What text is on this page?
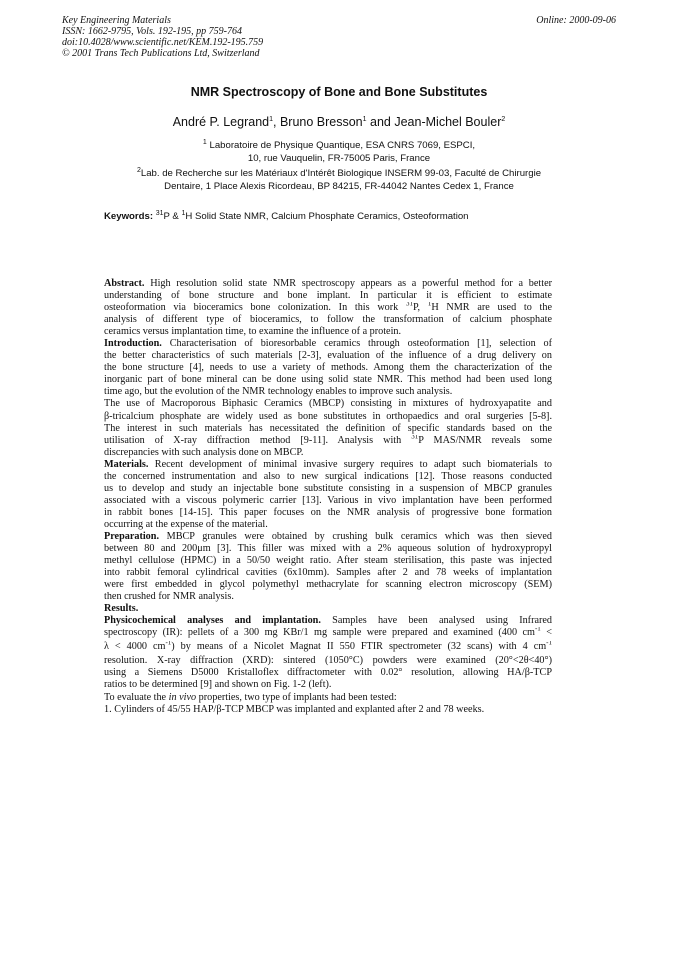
Key Engineering Materials
ISSN: 1662-9795, Vols. 192-195, pp 759-764
doi:10.4028/www.scientific.net/KEM.192-195.759
© 2001 Trans Tech Publications Ltd, Switzerland
Online: 2000-09-06
NMR Spectroscopy of Bone and Bone Substitutes
André P. Legrand$^1$, Bruno Bresson$^1$ and Jean-Michel Bouler$^2$
$^1$ Laboratoire de Physique Quantique, ESA CNRS 7069, ESPCI,
10, rue Vauquelin, FR-75005 Paris, France
$^2$Lab. de Recherche sur les Matériaux d'Intérêt Biologique INSERM 99-03, Faculté de Chirurgie
Dentaire, 1 Place Alexis Ricordeau, BP 84215, FR-44042 Nantes Cedex 1, France
Keywords: $^{31}$P & $^1$H Solid State NMR, Calcium Phosphate Ceramics, Osteoformation
Abstract. High resolution solid state NMR spectroscopy appears as a powerful method for a better
understanding of bone structure and bone implant. In particular it is efficient to estimate
osteoformation via bioceramics bone colonization. In this work $^{31}$P, $^1$H NMR are used to the
analysis of different type of bioceramics, to follow the transformation of calcium phosphate
ceramics versus implantation time, to examine the influence of a protein.
Introduction. Characterisation of bioresorbable ceramics through osteoformation [1], selection of
the better characteristics of such materials [2-3], evaluation of the influence of a drug delivery on
the bone structure [4], needs to use a variety of methods. Among them the characterization of the
inorganic part of bone mineral can be done using solid state NMR. This method had been used long
time ago, but the evolution of the NMR technology enables to improve such analysis.
The use of Macroporous Biphasic Ceramics (MBCP) consisting in mixtures of hydroxyapatite and
β-tricalcium phosphate are widely used as bone substitutes in orthopaedics and oral surgeries [5-8].
The interest in such materials has necessitated the definition of specific standards based on the
utilisation of X-ray diffraction method [9-11]. Analysis with $^{31}$P MAS/NMR reveals some
discrepancies with such analysis done on MBCP.
Materials. Recent development of minimal invasive surgery requires to adapt such biomaterials to
the concerned instrumentation and also to new surgical indications [12]. Those reasons conducted
us to develop and study an injectable bone substitute consisting in a suspension of MBCP granules
associated with a viscous polymeric carrier [13]. Various in vivo implantation have been performed
in rabbit bones [14-15]. This paper focuses on the NMR analysis of progressive bone formation
occurring at the expense of the material.
Preparation. MBCP granules were obtained by crushing bulk ceramics which was then sieved
between 80 and 200μm [3]. This filler was mixed with a 2% aqueous solution of hydroxypropyl
methyl cellulose (HPMC) in a 50/50 weight ratio. After steam sterilisation, this paste was injected
into rabbit femoral cylindrical cavities (6x10mm). Samples after 2 and 78 weeks of implantation
were first embedded in glycol polymethyl methacrylate for scanning electron microscopy (SEM)
then crushed for NMR analysis.
Results.
Physicochemical analyses and implantation. Samples have been analysed using Infrared
spectroscopy (IR): pellets of a 300 mg KBr/1 mg sample were prepared and examined (400 $cm^{-1}$ <
λ < 4000 $cm^{-1}$) by means of a Nicolet Magnat II 550 FTIR spectrometer (32 scans) with 4 $cm^{-1}$
resolution. X-ray diffraction (XRD): sintered (1050°C) powders were examined (20°<2θ<40°)
using a Siemens D5000 Kristalloflex diffractometer with 0.02° resolution, allowing HA/β-TCP
ratios to be determined [9] and shown on Fig. 1-2 (left).
To evaluate the in vivo properties, two type of implants had been tested:
1. Cylinders of 45/55 HAP/β-TCP MBCP was implanted and explanted after 2 and 78 weeks.
